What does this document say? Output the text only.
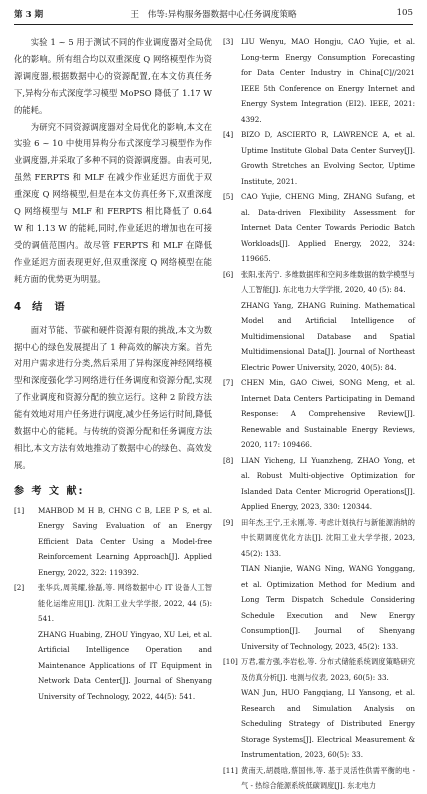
第 3 期	王　伟等:异构服务器数据中心任务调度策略	105

实验 1 ~ 5 用于测试不同的作业调度器对全局优化的影响。所有组合均以双重深度 Q 网络模型作为资源调度器,根据数据中心的资源配置,在本文仿真任务下,异构分布式深度学习模型 MoPSO 降低了 1.17 W 的能耗。

为研究不同资源调度器对全局优化的影响,本文在实验 6 ~ 10 中使用异构分布式深度学习模型作为作业调度器,并采取了多种不同的资源调度器。由表可见,虽然 FERPTS 和 MLF 在减少作业延迟方面优于双重深度 Q 网络模型,但是在本文仿真任务下,双重深度 Q 网络模型与 MLF 和 FERPTS 相比降低了 0.64 W 和 1.13 W 的能耗,同时,作业延迟的增加也在可接受的调值范围内。故尽管 FERPTS 和 MLF 在降低作业延迟方面表现更好,但双重深度 Q 网络模型在能耗方面的优势更为明显。

4 结　语

面对节能、节碳和硬件资源有限的挑战,本文为数据中心的绿色发展提出了 1 种高效的解决方案。首先对用户需求进行分类,然后采用了异构深度神经网络模型和深度强化学习网络进行任务调度和资源分配,实现了作业调度和资源分配的独立运行。这种 2 阶段方法能有效地对用户任务进行调度,减少任务运行时间,降低数据中心的能耗。与传统的资源分配和任务调度方法相比,本文方法有效地推动了数据中心的绿色、高效发展。

参 考 文 献:
[1]	MAHBOD M H B, CHNG C B, LEE P S, et al. Energy Saving Evaluation of an Energy Efficient Data Center Using a Model-free Reinforcement Learning Approach[J]. Applied Energy, 2022, 322: 119392.
[2]	张华兵,周英耀,徐磊,等. 网络数据中心 IT 设备人工智能化运维应用[J]. 沈阳工业大学学报, 2022, 44 (5): 541.
ZHANG Huabing, ZHOU Yingyao, XU Lei, et al. Artificial Intelligence Operation and Maintenance Applications of IT Equipment in Network Data Center[J]. Journal of Shenyang University of Technology, 2022, 44(5): 541.
[3]	LIU Wenyu, MAO Hongju, CAO Yujie, et al. Long-term Energy Consumption Forecasting for Data Center Industry in China[C]//2021 IEEE 5th Conference on Energy Internet and Energy System Integration (EI2). IEEE, 2021: 4392.
[4]	BIZO D, ASCIERTO R, LAWRENCE A, et al. Uptime Institute Global Data Center Survey[J]. Growth Stretches an Evolving Sector, Uptime Institute, 2021.
[5]	CAO Yujie, CHENG Ming, ZHANG Sufang, et al. Data-driven Flexibility Assessment for Internet Data Center Towards Periodic Batch Workloads[J]. Applied Energy, 2022, 324: 119665.
[6]	张阳,张芮宁. 多维数据库和空间多维数据的数学模型与人工智能[J]. 东北电力大学学报, 2020, 40 (5): 84.
ZHANG Yang, ZHANG Ruining. Mathematical Model and Artificial Intelligence of Multidimensional Database and Spatial Multidimensional Data[J]. Journal of Northeast Electric Power University, 2020, 40(5): 84.
[7]	CHEN Min, GAO Ciwei, SONG Meng, et al. Internet Data Centers Participating in Demand Response: A Comprehensive Review[J]. Renewable and Sustainable Energy Reviews, 2020, 117: 109466.
[8]	LIAN Yicheng, LI Yuanzheng, ZHAO Yong, et al. Robust Multi-objective Optimization for Islanded Data Center Microgrid Operations[J]. Applied Energy, 2023, 330: 120344.
[9]	田年杰,王宁,王永刚,等. 考虑计划执行与新能源消纳的中长期调度优化方法[J]. 沈阳工业大学学报, 2023, 45(2): 133.
TIAN Nianjie, WANG Ning, WANG Yonggang, et al. Optimization Method for Medium and Long Term Dispatch Schedule Considering Schedule Execution and New Energy Consumption[J]. Journal of Shenyang University of Technology, 2023, 45(2): 133.
[10] 万君,霍方强,李岩松,等. 分布式储能系统调度策略研究及仿真分析[J]. 电测与仪表, 2023, 60(5): 33.
WAN Jun, HUO Fangqiang, LI Yansong, et al. Research and Simulation Analysis on Scheduling Strategy of Distributed Energy Storage Systems[J]. Electrical Measurement & Instrumentation, 2023, 60(5): 33.
[11] 黄南天,胡晨晗,蔡国伟,等. 基于灵活性供需平衡的电 - 气 - 热综合能源系统低碳调度[J]. 东北电力
